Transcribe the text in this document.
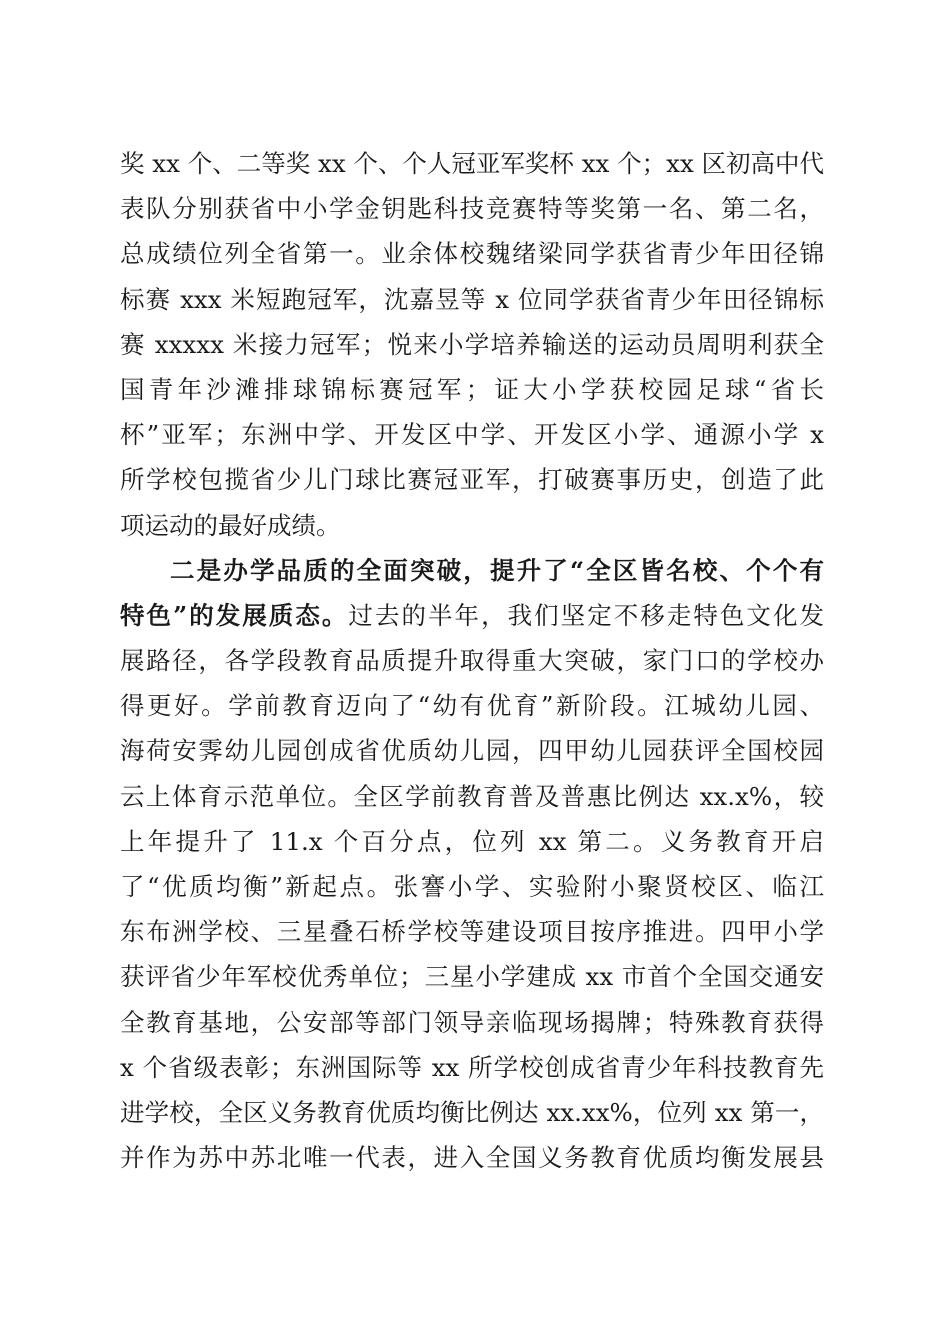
奖 xx 个、二等奖 xx 个、个人冠亚军奖杯 xx 个；xx 区初高中代
表队分别获省中小学金钥匙科技竞赛特等奖第一名、第二名，
总成绩位列全省第一。业余体校魏绪梁同学获省青少年田径锦
标赛 xxx 米短跑冠军，沈嘉昱等 x 位同学获省青少年田径锦标
赛 xxxxx 米接力冠军；悦来小学培养输送的运动员周明利获全
国青年沙滩排球锦标赛冠军；证大小学获校园足球“省长
杯”亚军；东洲中学、开发区中学、开发区小学、通源小学 x
所学校包揽省少儿门球比赛冠亚军，打破赛事历史，创造了此
项运动的最好成绩。
二是办学品质的全面突破，提升了“全区皆名校、个个有
特色”的发展质态。过去的半年，我们坚定不移走特色文化发
展路径，各学段教育品质提升取得重大突破，家门口的学校办
得更好。学前教育迈向了“幼有优育”新阶段。江城幼儿园、
海荷安霁幼儿园创成省优质幼儿园，四甲幼儿园获评全国校园
云上体育示范单位。全区学前教育普及普惠比例达 xx.x%，较
上年提升了 11.x 个百分点，位列 xx 第二。义务教育开启
了“优质均衡”新起点。张謇小学、实验附小聚贤校区、临江
东布洲学校、三星叠石桥学校等建设项目按序推进。四甲小学
获评省少年军校优秀单位；三星小学建成 xx 市首个全国交通安
全教育基地，公安部等部门领导亲临现场揭牌；特殊教育获得
x 个省级表彰；东洲国际等 xx 所学校创成省青少年科技教育先
进学校，全区义务教育优质均衡比例达 xx.xx%，位列 xx 第一，
并作为苏中苏北唯一代表，进入全国义务教育优质均衡发展县
